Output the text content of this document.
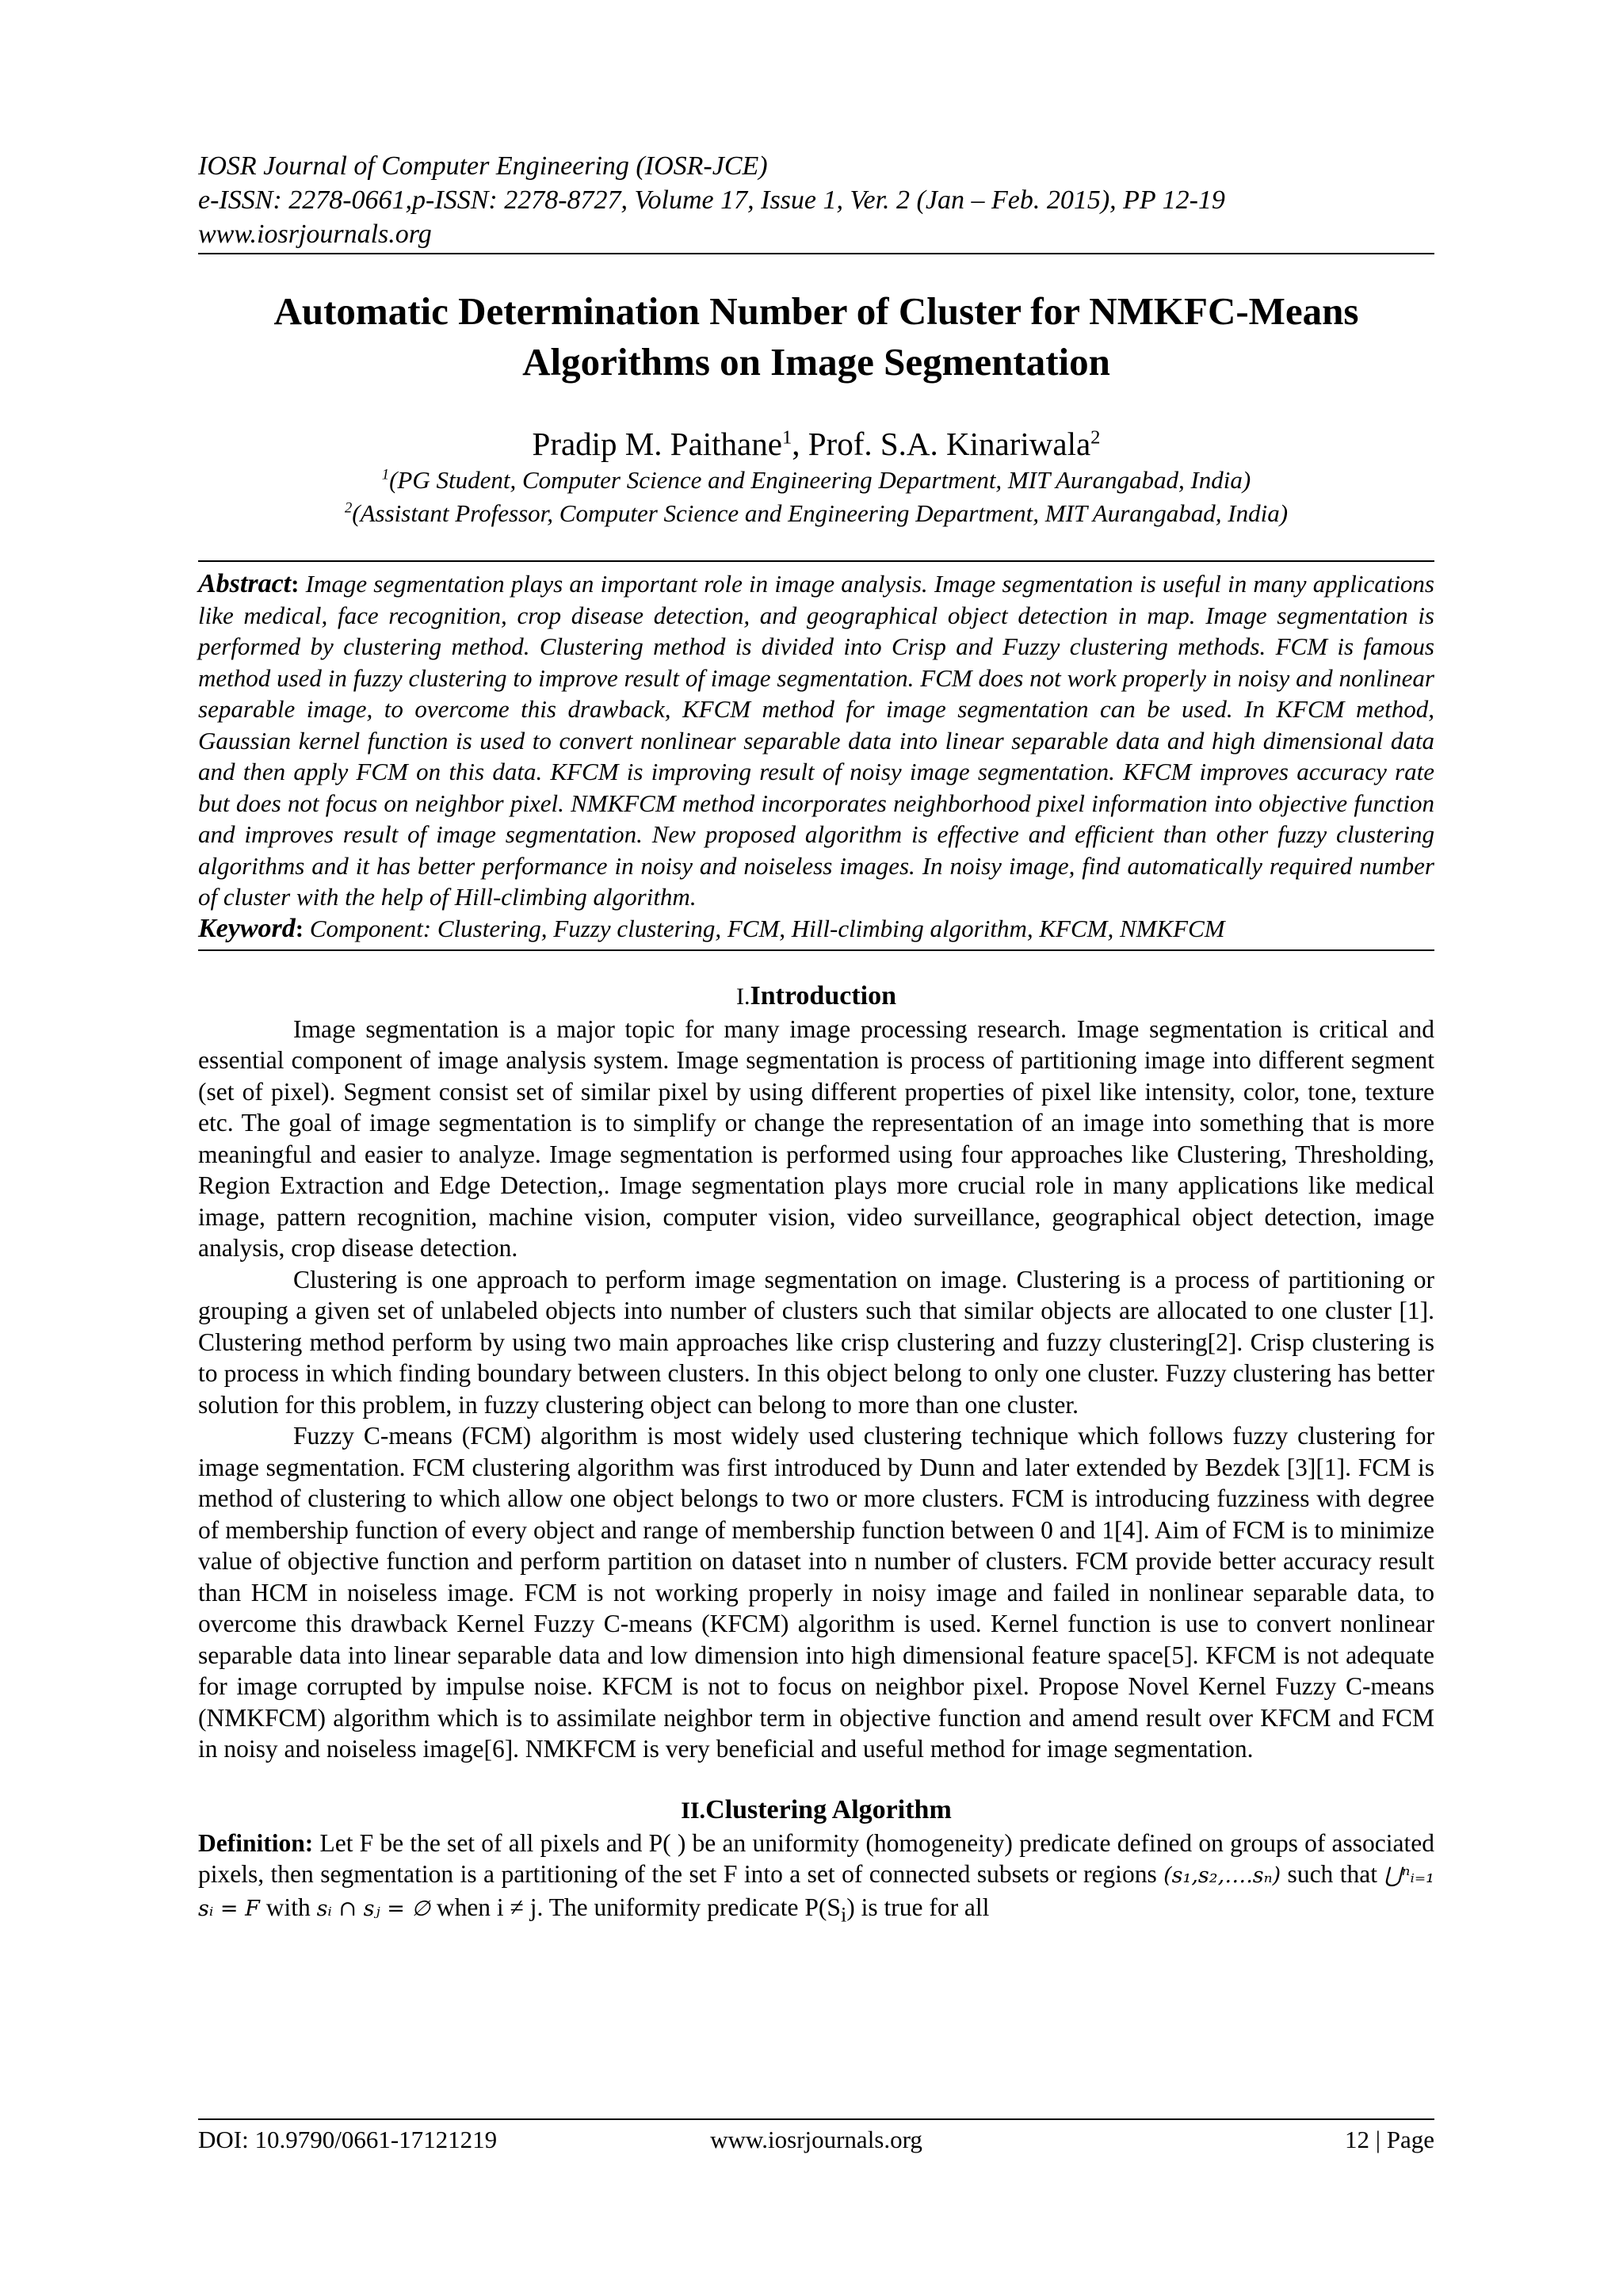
IOSR Journal of Computer Engineering (IOSR-JCE)
e-ISSN: 2278-0661,p-ISSN: 2278-8727, Volume 17, Issue 1, Ver. 2 (Jan – Feb. 2015), PP 12-19
www.iosrjournals.org
Automatic Determination Number of Cluster for NMKFC-Means
Algorithms on Image Segmentation
Pradip M. Paithane$^1$, Prof. S.A. Kinariwala$^2$
$^1$(PG Student, Computer Science and Engineering Department, MIT Aurangabad, India)
$^2$(Assistant Professor, Computer Science and Engineering Department, MIT Aurangabad, India)
Abstract: Image segmentation plays an important role in image analysis. Image segmentation is useful in many applications like medical, face recognition, crop disease detection, and geographical object detection in map. Image segmentation is performed by clustering method. Clustering method is divided into Crisp and Fuzzy clustering methods. FCM is famous method used in fuzzy clustering to improve result of image segmentation. FCM does not work properly in noisy and nonlinear separable image, to overcome this drawback, KFCM method for image segmentation can be used. In KFCM method, Gaussian kernel function is used to convert nonlinear separable data into linear separable data and high dimensional data and then apply FCM on this data. KFCM is improving result of noisy image segmentation. KFCM improves accuracy rate but does not focus on neighbor pixel. NMKFCM method incorporates neighborhood pixel information into objective function and improves result of image segmentation. New proposed algorithm is effective and efficient than other fuzzy clustering algorithms and it has better performance in noisy and noiseless images. In noisy image, find automatically required number of cluster with the help of Hill-climbing algorithm.
Keyword: Component: Clustering, Fuzzy clustering, FCM, Hill-climbing algorithm, KFCM, NMKFCM
I.Introduction

Image segmentation is a major topic for many image processing research. Image segmentation is critical and essential component of image analysis system. Image segmentation is process of partitioning image into different segment (set of pixel). Segment consist set of similar pixel by using different properties of pixel like intensity, color, tone, texture etc. The goal of image segmentation is to simplify or change the representation of an image into something that is more meaningful and easier to analyze. Image segmentation is performed using four approaches like Clustering, Thresholding, Region Extraction and Edge Detection,. Image segmentation plays more crucial role in many applications like medical image, pattern recognition, machine vision, computer vision, video surveillance, geographical object detection, image analysis, crop disease detection.

Clustering is one approach to perform image segmentation on image. Clustering is a process of partitioning or grouping a given set of unlabeled objects into number of clusters such that similar objects are allocated to one cluster [1]. Clustering method perform by using two main approaches like crisp clustering and fuzzy clustering[2]. Crisp clustering is to process in which finding boundary between clusters. In this object belong to only one cluster. Fuzzy clustering has better solution for this problem, in fuzzy clustering object can belong to more than one cluster.

Fuzzy C-means (FCM) algorithm is most widely used clustering technique which follows fuzzy clustering for image segmentation. FCM clustering algorithm was first introduced by Dunn and later extended by Bezdek [3][1]. FCM is method of clustering to which allow one object belongs to two or more clusters. FCM is introducing fuzziness with degree of membership function of every object and range of membership function between 0 and 1[4]. Aim of FCM is to minimize value of objective function and perform partition on dataset into n number of clusters. FCM provide better accuracy result than HCM in noiseless image. FCM is not working properly in noisy image and failed in nonlinear separable data, to overcome this drawback Kernel Fuzzy C-means (KFCM) algorithm is used. Kernel function is use to convert nonlinear separable data into linear separable data and low dimension into high dimensional feature space[5]. KFCM is not adequate for image corrupted by impulse noise. KFCM is not to focus on neighbor pixel. Propose Novel Kernel Fuzzy C-means (NMKFCM) algorithm which is to assimilate neighbor term in objective function and amend result over KFCM and FCM in noisy and noiseless image[6]. NMKFCM is very beneficial and useful method for image segmentation.

II.Clustering Algorithm

Definition: Let F be the set of all pixels and P( ) be an uniformity (homogeneity) predicate defined on groups of associated pixels, then segmentation is a partitioning of the set F into a set of connected subsets or regions (s₁,s₂,….sₙ) such that ⋃ⁿᵢ₌₁ sᵢ = F with sᵢ ∩ sⱼ = ∅ when i ≠ j. The uniformity predicate $P(S_i)$ is true for all

DOI: 10.9790/0661-17121219	www.iosrjournals.org	12 | Page
